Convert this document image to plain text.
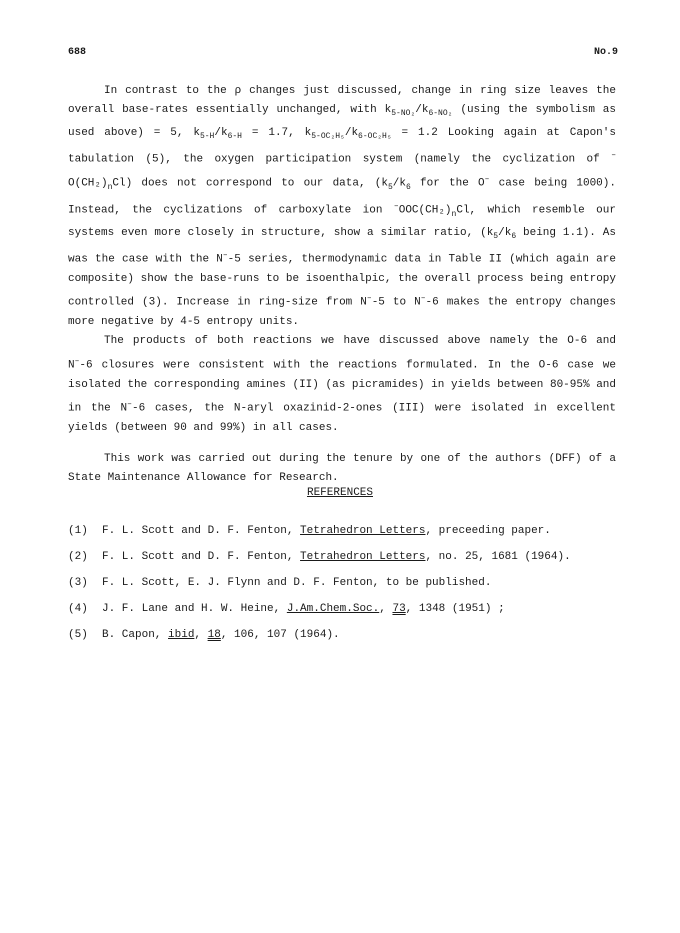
688	No.9

In contrast to the ρ changes just discussed, change in ring size leaves the overall base-rates essentially unchanged, with $k_{5-NO_2}/k_{6-NO_2}$ (using the symbolism as used above) = 5, $k_{5-H}/k_{6-H} = 1.7$, $k_{5-OC_2H_5}/k_{6-OC_2H_5} = 1.2$ Looking again at Capon's tabulation (5), the oxygen participation system (namely the cyclization of $^-O(CH_2)_nCl$) does not correspond to our data, ($k_5/k_6$ for the O– case being 1000). Instead, the cyclizations of carboxylate ion $^-OOC(CH_2)_nCl$, which resemble our systems even more closely in structure, show a similar ratio, ($k_5/k_6$ being 1.1). As was the case with the N–-5 series, thermodynamic data in Table II (which again are composite) show the base-runs to be isoenthalpic, the overall process being entropy controlled (3). Increase in ring-size from N–-5 to N–-6 makes the entropy changes more negative by 4-5 entropy units.

The products of both reactions we have discussed above namely the O-6 and N–-6 closures were consistent with the reactions formulated. In the O-6 case we isolated the corresponding amines (II) (as picramides) in yields between 80-95% and in the N–-6 cases, the N-aryl oxazinid-2-ones (III) were isolated in excellent yields (between 90 and 99%) in all cases.

This work was carried out during the tenure by one of the authors (DFF) of a State Maintenance Allowance for Research.

REFERENCES
(1)	F. L. Scott and D. F. Fenton, Tetrahedron Letters, preceeding paper.
(2)	F. L. Scott and D. F. Fenton, Tetrahedron Letters, no. 25, 1681 (1964).
(3)	F. L. Scott, E. J. Flynn and D. F. Fenton, to be published.
(4)	J. F. Lane and H. W. Heine, J.Am.Chem.Soc., 73, 1348 (1951) ;
(5)	B. Capon, ibid, 18, 106, 107 (1964).
